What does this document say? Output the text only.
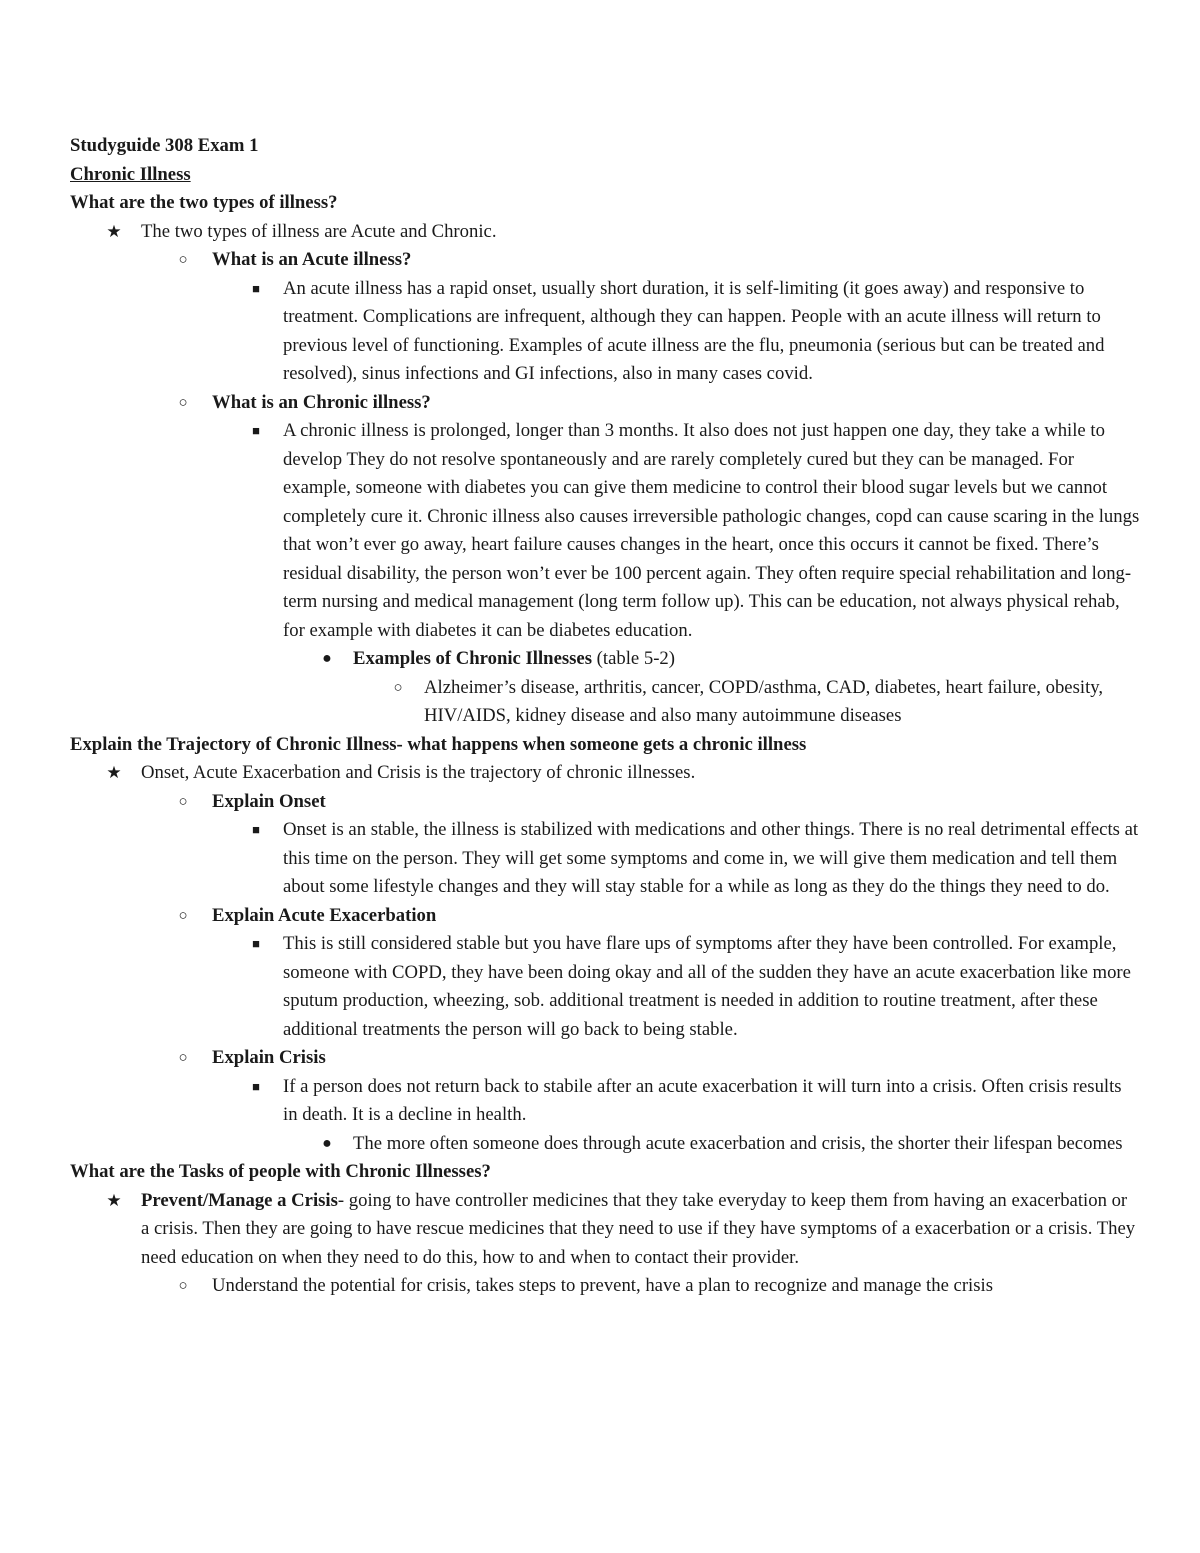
Studyguide 308 Exam 1

Chronic Illness

What are the two types of illness?

★ The two types of illness are Acute and Chronic.
○ What is an Acute illness?
■	An acute illness has a rapid onset, usually short duration, it is self-limiting (it goes away) and responsive to treatment. Complications are infrequent, although they can happen. People with an acute illness will return to previous level of functioning. Examples of acute illness are the flu, pneumonia (serious but can be treated and resolved), sinus infections and GI infections, also in many cases covid.
○ What is an Chronic illness?
■	A chronic illness is prolonged, longer than 3 months. It also does not just happen one day, they take a while to develop They do not resolve spontaneously and are rarely completely cured but they can be managed. For example, someone with diabetes you can give them medicine to control their blood sugar levels but we cannot completely cure it. Chronic illness also causes irreversible pathologic changes, copd can cause scaring in the lungs that won’t ever go away, heart failure causes changes in the heart, once this occurs it cannot be fixed. There’s residual disability, the person won’t ever be 100 percent again. They often require special rehabilitation and long-term nursing and medical management (long term follow up). This can be education, not always physical rehab, for example with diabetes it can be diabetes education.
● Examples of Chronic Illnesses (table 5-2)
○ Alzheimer’s disease, arthritis, cancer, COPD/asthma, CAD, diabetes, heart failure, obesity, HIV/AIDS, kidney disease and also many autoimmune diseases

Explain the Trajectory of Chronic Illness- what happens when someone gets a chronic illness

★ Onset, Acute Exacerbation and Crisis is the trajectory of chronic illnesses.
○ Explain Onset
■	Onset is an stable, the illness is stabilized with medications and other things. There is no real detrimental effects at this time on the person. They will get some symptoms and come in, we will give them medication and tell them about some lifestyle changes and they will stay stable for a while as long as they do the things they need to do.
○ Explain Acute Exacerbation
■	This is still considered stable but you have flare ups of symptoms after they have been controlled. For example, someone with COPD, they have been doing okay and all of the sudden they have an acute exacerbation like more sputum production, wheezing, sob. additional treatment is needed in addition to routine treatment, after these additional treatments the person will go back to being stable.
○ Explain Crisis
■	If a person does not return back to stabile after an acute exacerbation it will turn into a crisis. Often crisis results in death. It is a decline in health.
● The more often someone does through acute exacerbation and crisis, the shorter their lifespan becomes

What are the Tasks of people with Chronic Illnesses?

★ Prevent/Manage a Crisis- going to have controller medicines that they take everyday to keep them from having an exacerbation or a crisis. Then they are going to have rescue medicines that they need to use if they have symptoms of a exacerbation or a crisis. They need education on when they need to do this, how to and when to contact their provider.
○ Understand the potential for crisis, takes steps to prevent, have a plan to recognize and manage the crisis
